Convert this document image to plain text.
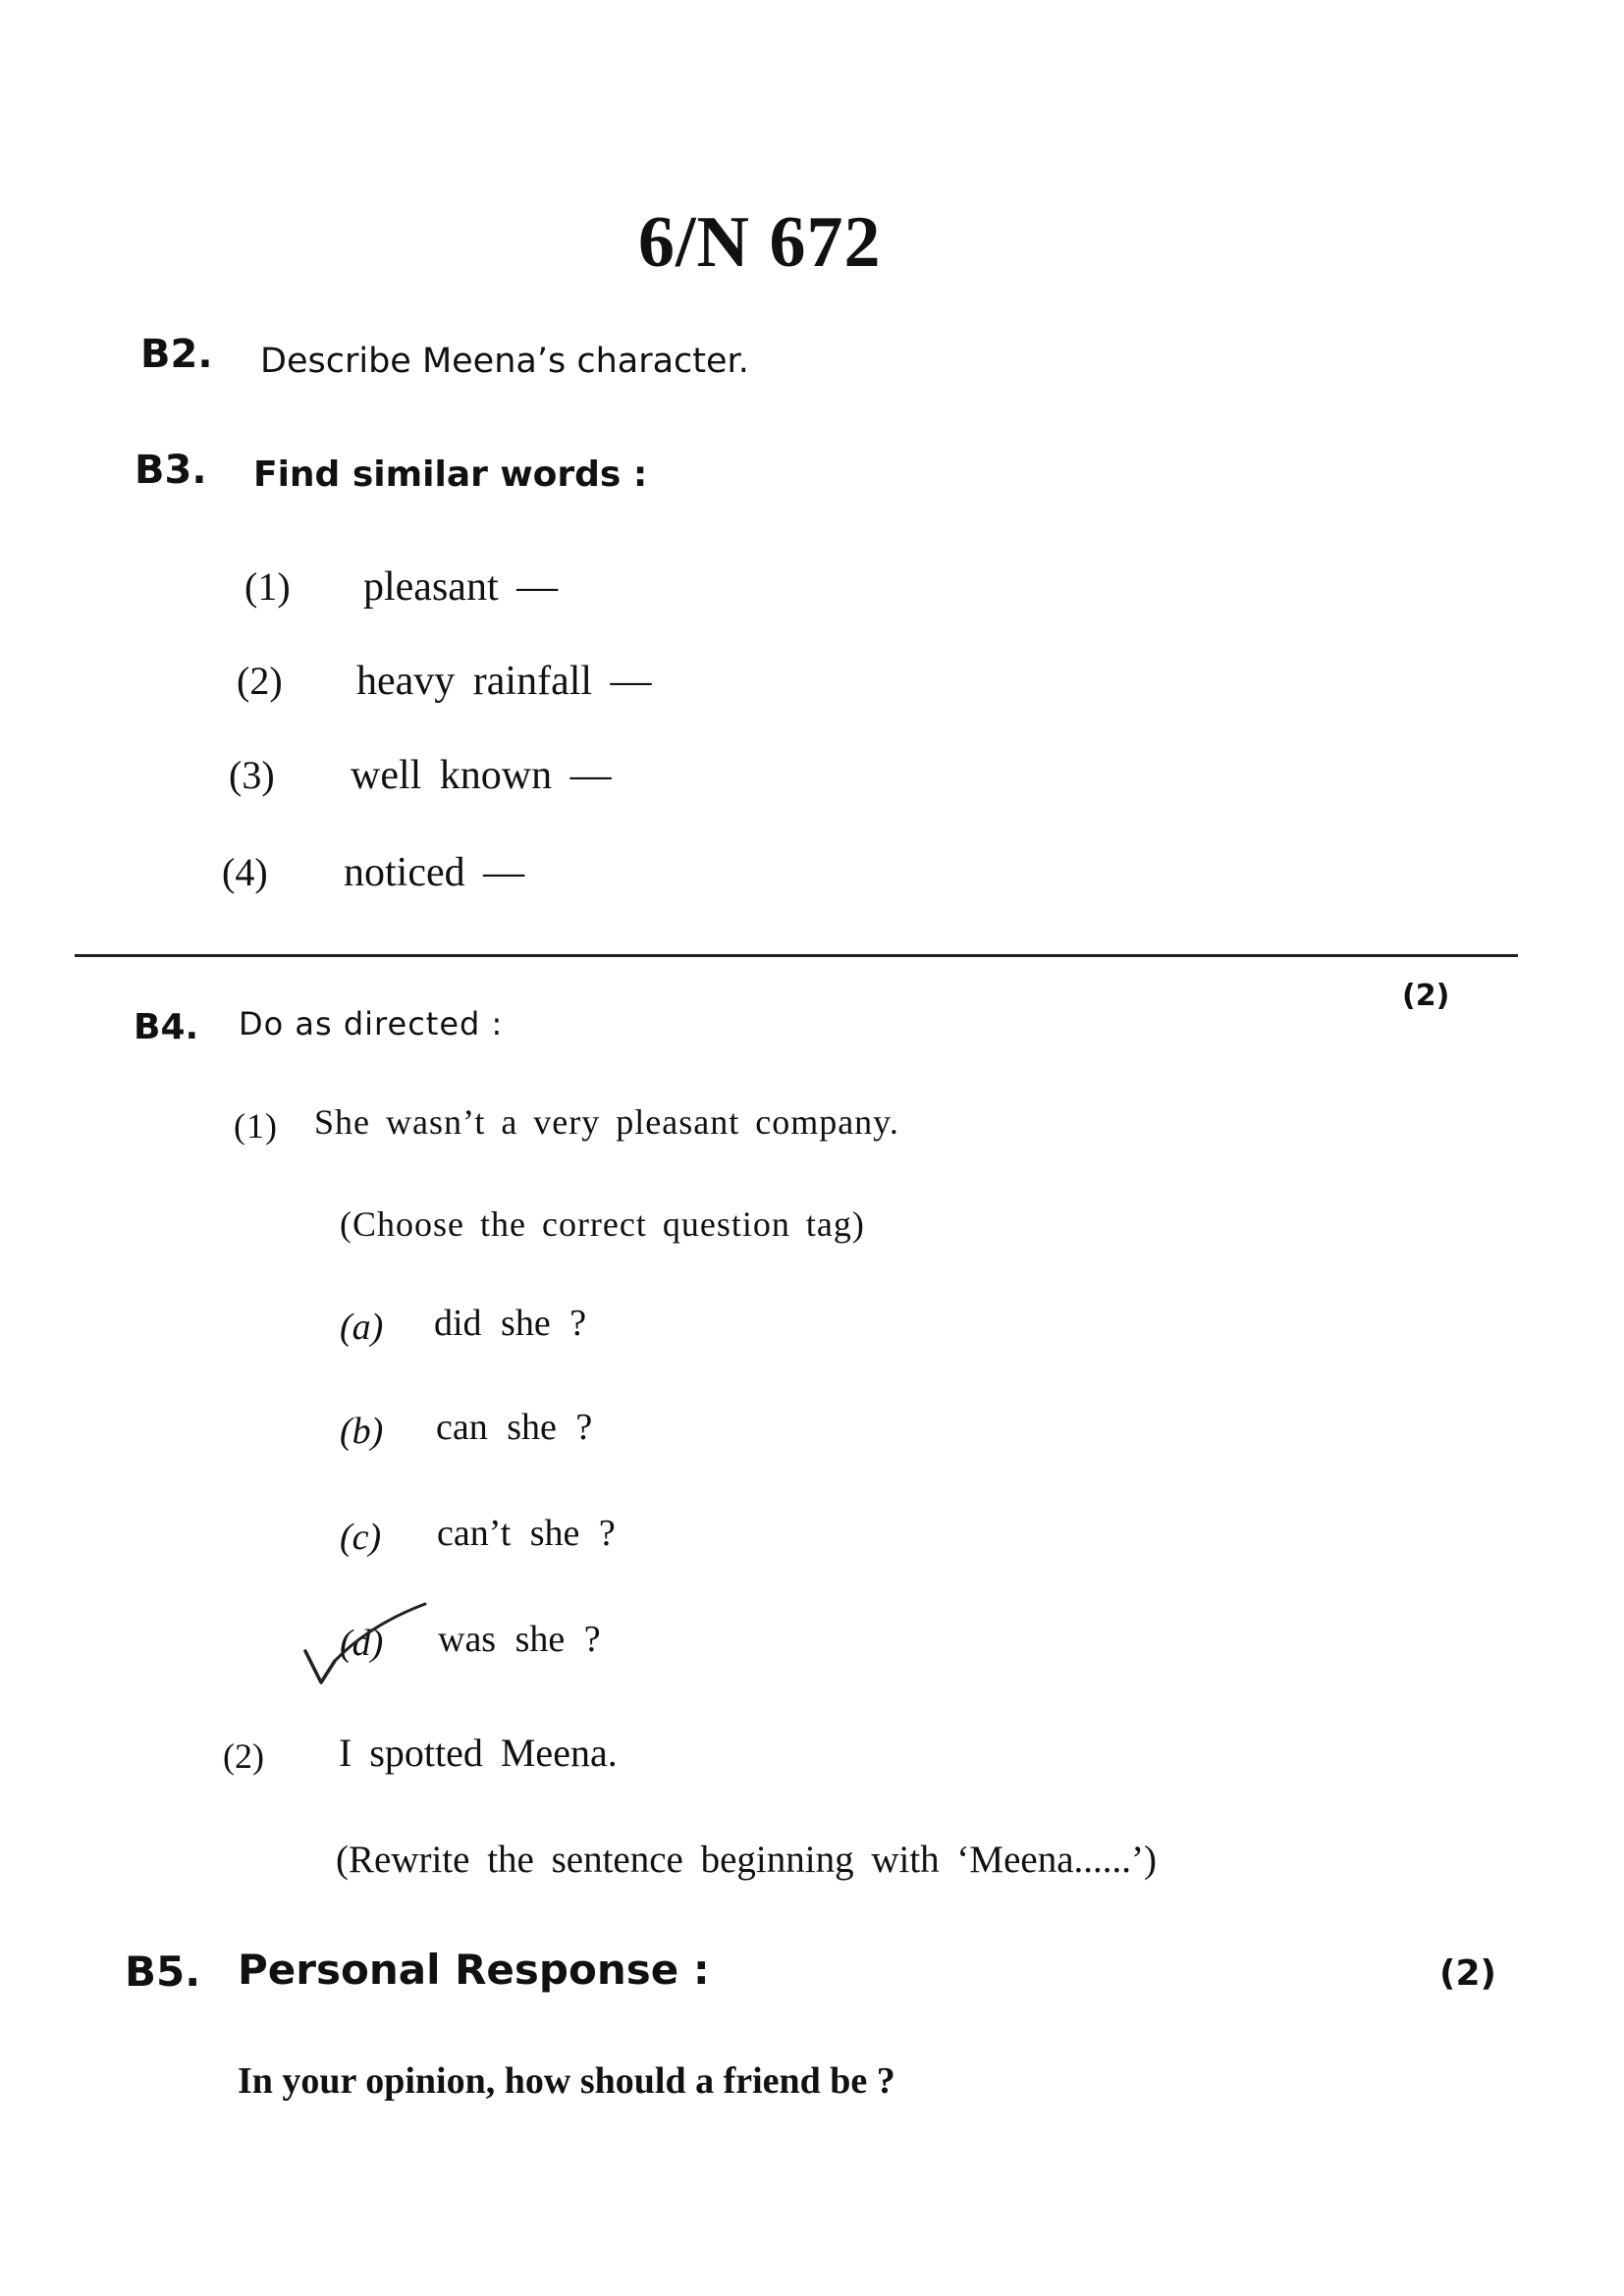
6/N 672
B2. Describe Meena’s character.
B3. Find similar words :
(1) pleasant —
(2) heavy rainfall —
(3) well known —
(4) noticed —
(2)
B4. Do as directed :
(1) She wasn’t a very pleasant company.
(Choose the correct question tag)
(a) did she ?
(b) can she ?
(c) can’t she ?
(d) was she ?
(2) I spotted Meena.
(Rewrite the sentence beginning with ‘Meena......’)
B5. Personal Response :	(2)
In your opinion, how should a friend be ?
